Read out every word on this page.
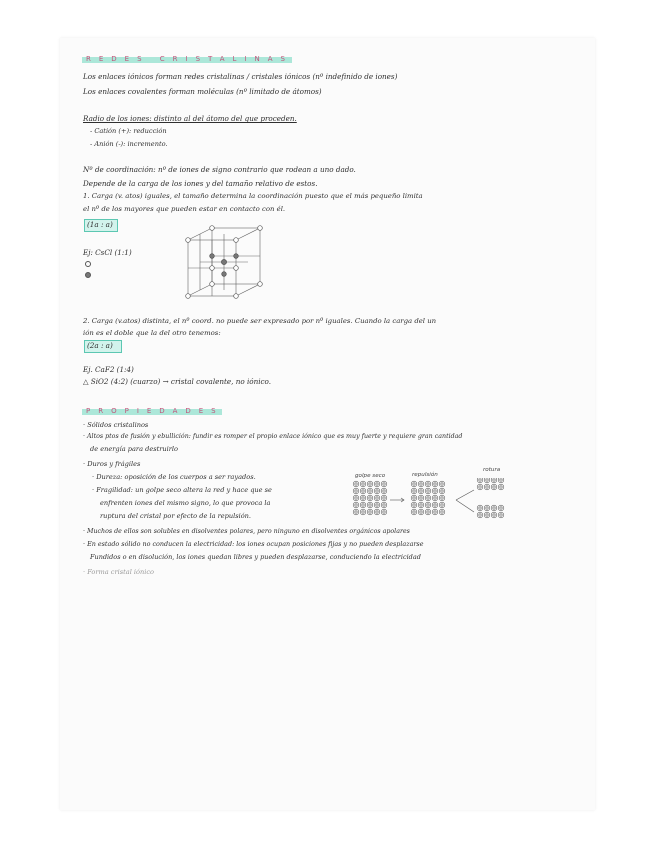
REDES CRISTALINAS
Los enlaces iónicos forman redes cristalinas / cristales iónicos (nº indefinido de iones)
Los enlaces covalentes forman moléculas (nº limitado de átomos)
Radio de los iones: distinto al del átomo del que proceden.
- Catión (+): reducción
- Anión (-): incremento.
Nº de coordinación: nº de iones de signo contrario que rodean a uno dado.
Depende de la carga de los iones y del tamaño relativo de estos.
1. Carga (v. atos) iguales, el tamaño determina la coordinación puesto que el más pequeño limita
el nº de los mayores que pueden estar en contacto con él.
(1a : a)
Ej: CsCl (1:1)
2. Carga (v.atos) distinta, el nº coord. no puede ser expresado por nº iguales. Cuando la carga del un
ión es el doble que la del otro tenemos:
(2a : a)
Ej. CaF2 (1:4)
△ SiO2 (4:2) (cuarzo) → cristal covalente, no iónico.
PROPIEDADES
· Sólidos cristalinos
· Altos ptos de fusión y ebullición: fundir es romper el propio enlace iónico que es muy fuerte y requiere gran cantidad
de energía para destruirlo
· Duros y frágiles
· Dureza: oposición de los cuerpos a ser rayados.
· Fragilidad: un golpe seco altera la red y hace que se
enfrenten iones del mismo signo, lo que provoca la
ruptura del cristal por efecto de la repulsión.
golpe seco	repulsión
rotura
· Muchos de ellos son solubles en disolventes polares, pero ninguno en disolventes orgánicos apolares
· En estado sólido no conducen la electricidad: los iones ocupan posiciones fijas y no pueden desplazarse
Fundidos o en disolución, los iones quedan libres y pueden desplazarse, conduciendo la electricidad
· Forma cristal iónico
